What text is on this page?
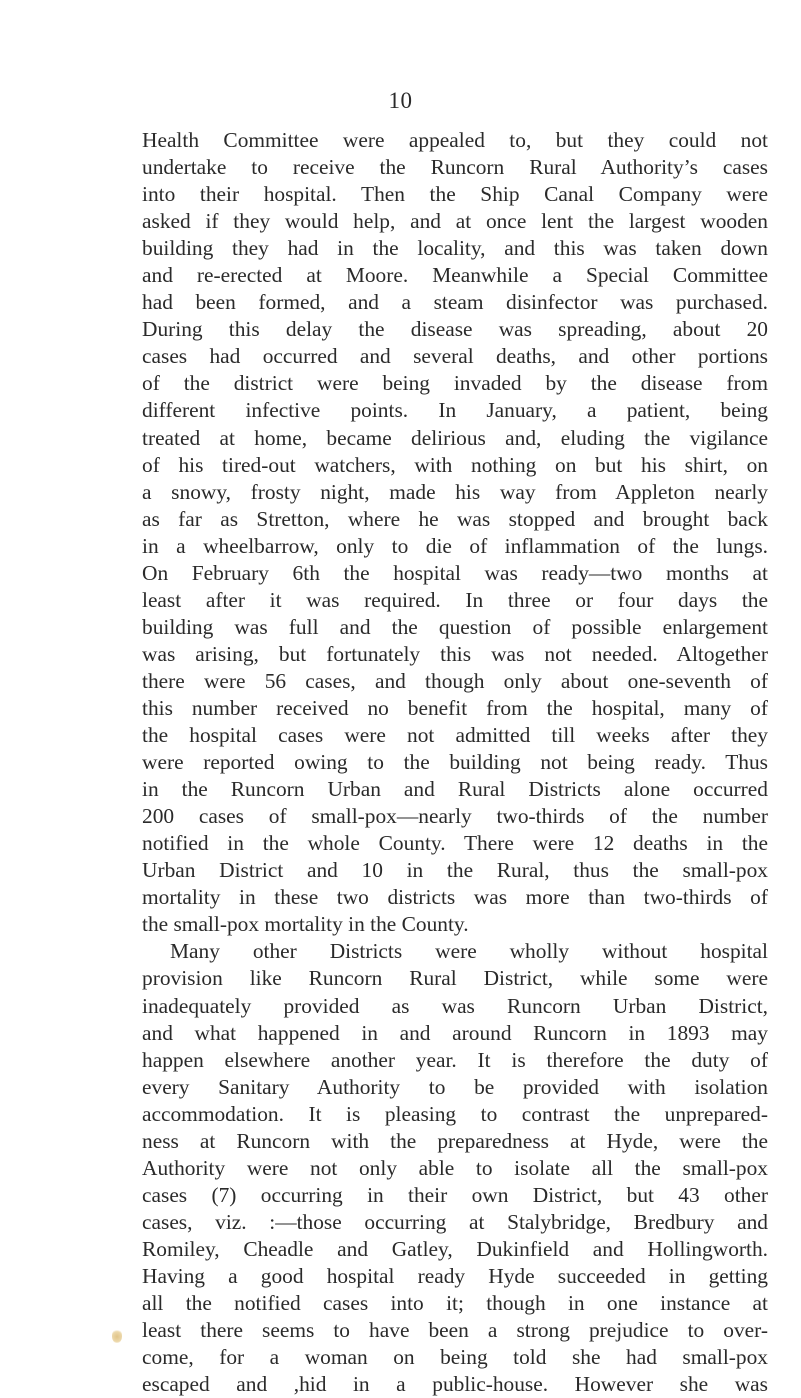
10
Health Committee were appealed to, but they could not
undertake to receive the Runcorn Rural Authority’s cases
into their hospital. Then the Ship Canal Company were
asked if they would help, and at once lent the largest wooden
building they had in the locality, and this was taken down
and re-erected at Moore. Meanwhile a Special Committee
had been formed, and a steam disinfector was purchased.
During this delay the disease was spreading, about 20
cases had occurred and several deaths, and other portions
of the district were being invaded by the disease from
different infective points. In January, a patient, being
treated at home, became delirious and, eluding the vigilance
of his tired-out watchers, with nothing on but his shirt, on
a snowy, frosty night, made his way from Appleton nearly
as far as Stretton, where he was stopped and brought back
in a wheelbarrow, only to die of inflammation of the lungs.
On February 6th the hospital was ready—two months at
least after it was required. In three or four days the
building was full and the question of possible enlargement
was arising, but fortunately this was not needed. Altogether
there were 56 cases, and though only about one-seventh of
this number received no benefit from the hospital, many of
the hospital cases were not admitted till weeks after they
were reported owing to the building not being ready. Thus
in the Runcorn Urban and Rural Districts alone occurred
200 cases of small-pox—nearly two-thirds of the number
notified in the whole County. There were 12 deaths in the
Urban District and 10 in the Rural, thus the small-pox
mortality in these two districts was more than two-thirds of
the small-pox mortality in the County.
Many other Districts were wholly without hospital
provision like Runcorn Rural District, while some were
inadequately provided as was Runcorn Urban District,
and what happened in and around Runcorn in 1893 may
happen elsewhere another year. It is therefore the duty of
every Sanitary Authority to be provided with isolation
accommodation. It is pleasing to contrast the unprepared-
ness at Runcorn with the preparedness at Hyde, were the
Authority were not only able to isolate all the small-pox
cases (7) occurring in their own District, but 43 other
cases, viz. :—those occurring at Stalybridge, Bredbury and
Romiley, Cheadle and Gatley, Dukinfield and Hollingworth.
Having a good hospital ready Hyde succeeded in getting
all the notified cases into it; though in one instance at
least there seems to have been a strong prejudice to over-
come, for a woman on being told she had small-pox
escaped and ,hid in a public-house. However she was
